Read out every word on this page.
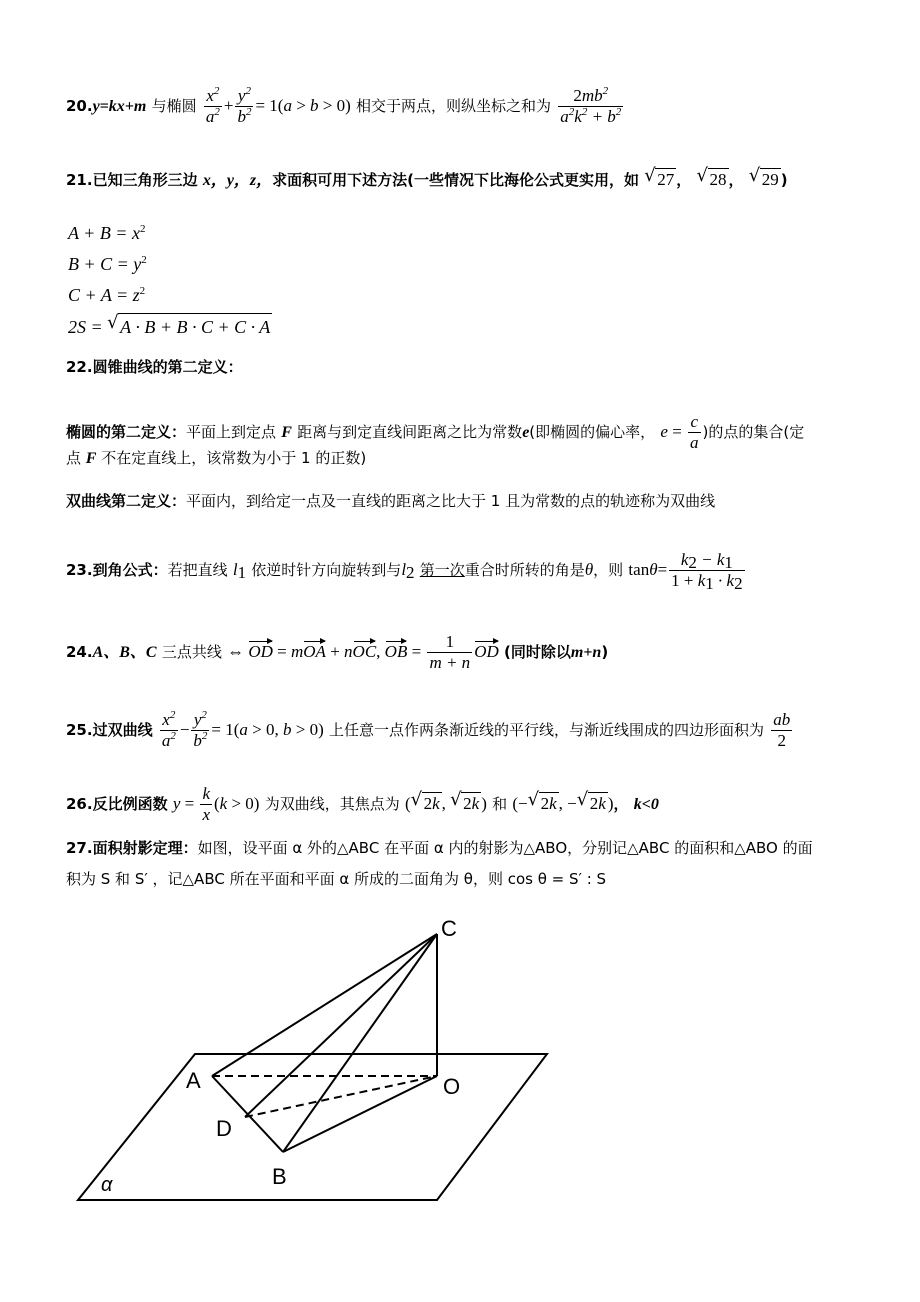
20.y=kx+m 与椭圆 $\frac{x^2}{a^2} + \frac{y^2}{b^2} = 1(a > b > 0)$ 相交于两点，则纵坐标之和为 $\frac{2mb^2}{a^2k^2 + b^2}$
21.已知三角形三边 x，y，z，求面积可用下述方法(一些情况下比海伦公式更实用，如 √ 27 ， √ 28 ， √ 29 )
$A + B = x^2$
$B + C = y^2$
$C + A = z^2$
2S = √ A · B + B · C + C · A
22.圆锥曲线的第二定义：
椭圆的第二定义：平面上到定点 F 距离与到定直线间距离之比为常数e(即椭圆的偏心率， $e = \frac{c}{a}$ )的点的集合(定
点 F 不在定直线上，该常数为小于 1 的正数)
双曲线第二定义：平面内，到给定一点及一直线的距离之比大于 1 且为常数的点的轨迹称为双曲线
23.到角公式：若把直线 $l_1$ 依逆时针方向旋转到与$l_2$ 第一次重合时所转的角是θ，则 $\tan\theta= \frac{k_2 - k_1}{1 + k_1 \cdot k_2}$
24.A、B、C 三点共线 ⇔ OD = mOA + nOC, OB = $\frac{1}{m + n}$ OD (同时除以m+n)
25.过双曲线 $\frac{x^2}{a^2} - \frac{y^2}{b^2} = 1(a > 0$, b > 0) 上任意一点作两条渐近线的平行线，与渐近线围成的四边形面积为 $\frac{ab}{2}$
26.反比例函数 $y = \frac{k}{x} (k > 0)$ 为双曲线，其焦点为 ( √ 2k , √ 2k ) 和 (− √ 2k , − √ 2k )， k<0
27.面积射影定理：如图，设平面 α 外的△ABC 在平面 α 内的射影为△ABO，分别记△ABC 的面积和△ABO 的面
积为 S 和 S′ ，记△ABC 所在平面和平面 α 所成的二面角为 θ，则 cos θ = S′ : S
C
A	O
D
B
α
